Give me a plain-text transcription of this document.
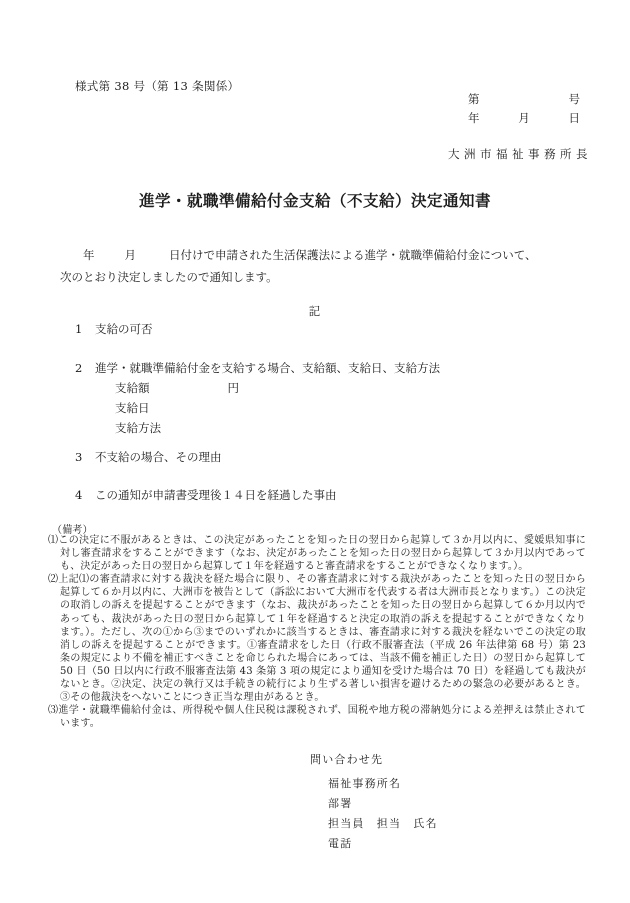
様式第 38 号（第 13 条関係）
第	号
年	月	日
大洲市福祉事務所長
進学・就職準備給付金支給（不支給）決定通知書
年	月	日付けで申請された生活保護法による進学・就職準備給付金について、
次のとおり決定しましたので通知します。
記
1 支給の可否
2 進学・就職準備給付金を支給する場合、支給額、支給日、支給方法
支給額	円
支給日
支給方法
3 不支給の場合、その理由
4 この通知が申請書受理後１４日を経過した事由
（備考）
⑴この決定に不服があるときは、この決定があったことを知った日の翌日から起算して３か月以内に、愛媛県知事に対し審査請求をすることができます（なお、決定があったことを知った日の翌日から起算して３か月以内であっても、決定があった日の翌日から起算して１年を経過すると審査請求をすることができなくなります。）。
⑵上記⑴の審査請求に対する裁決を経た場合に限り、その審査請求に対する裁決があったことを知った日の翌日から起算して６か月以内に、大洲市を被告として（訴訟において大洲市を代表する者は大洲市長となります。）この決定の取消しの訴えを提起することができます（なお、裁決があったことを知った日の翌日から起算して６か月以内であっても、裁決があった日の翌日から起算して１年を経過すると決定の取消の訴えを提起することができなくなります。）。ただし、次の①から③までのいずれかに該当するときは、審査請求に対する裁決を経ないでこの決定の取消しの訴えを提起することができます。①審査請求をした日（行政不服審査法（平成 26 年法律第 68 号）第 23 条の規定により不備を補正すべきことを命じられた場合にあっては、当該不備を補正した日）の翌日から起算して 50 日（50 日以内に行政不服審査法第 43 条第 3 項の規定により通知を受けた場合は 70 日）を経過しても裁決がないとき。②決定、決定の執行又は手続きの続行により生ずる著しい損害を避けるための緊急の必要があるとき。③その他裁決をへないことにつき正当な理由があるとき。
⑶進学・就職準備給付金は、所得税や個人住民税は課税されず、国税や地方税の滞納処分による差押えは禁止されています。
問い合わせ先
福祉事務所名
部署
担当員　担当　氏名
電話
